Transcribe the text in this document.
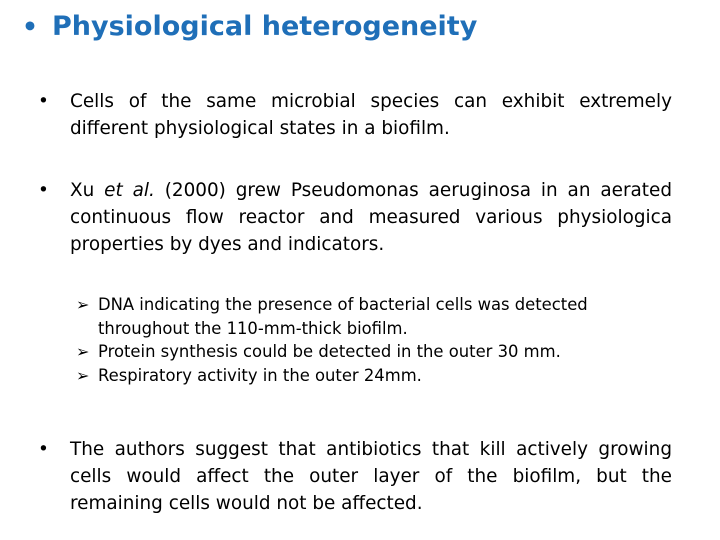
• Physiological heterogeneity
•	Cells of the same microbial species can exhibit extremely different physiological states in a biofilm.
•	Xu et al. (2000) grew Pseudomonas aeruginosa in an aerated continuous flow reactor and measured various physiologica properties by dyes and indicators.
➢ DNA indicating the presence of bacterial cells was detected throughout the 110-mm-thick biofilm.
➢ Protein synthesis could be detected in the outer 30 mm.
➢ Respiratory activity in the outer 24mm.
•	The authors suggest that antibiotics that kill actively growing cells would affect the outer layer of the biofilm, but the remaining cells would not be affected.
